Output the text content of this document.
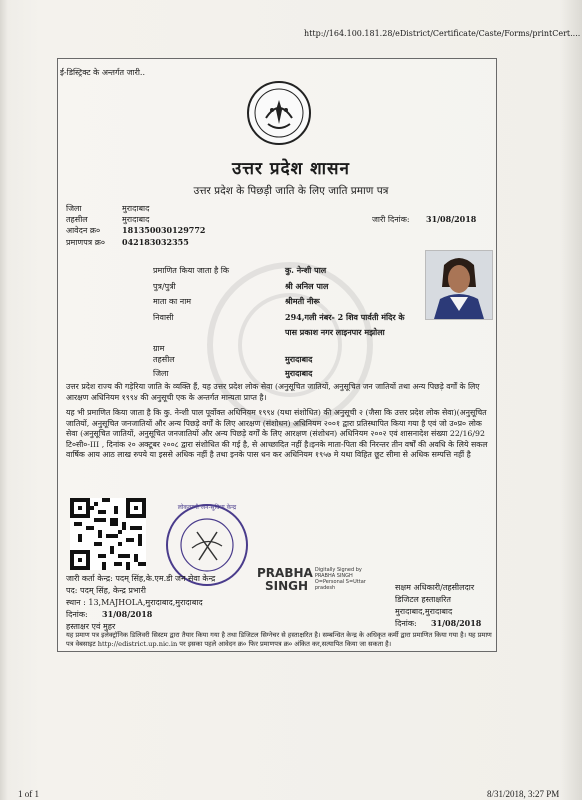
http://164.100.181.28/eDistrict/Certificate/Caste/Forms/printCert....
ई-डिस्ट्रिक्ट के अन्तर्गत जारी..
उत्तर प्रदेश शासन
उत्तर प्रदेश के पिछड़ी जाति के लिए जाति प्रमाण पत्र
जिला	मुरादाबाद
तहसील	मुरादाबाद
आवेदन क्र०	181350030129772
प्रमाणपत्र क्र० 042183032355
जारी दिनांक: 31/08/2018
प्रमाणित किया जाता है कि	कु. नेन्शी पाल
पुत्र/पुत्री	श्री अनिल पाल
माता का नाम	श्रीमती नीरू
निवासी	294,गली नंबर- 2 शिव पार्वती मंदिर के
पास प्रकाश नगर लाइनपार मझोला
ग्राम
तहसील	मुरादाबाद
जिला	मुरादाबाद
उत्तर प्रदेश राज्य की गड़ेरिया जाति के व्यक्ति हैं, यह उत्तर प्रदेश लोक सेवा (अनुसूचित जातियों, अनुसूचित जन जातियों तथा अन्य पिछड़े वर्गों के लिए आरक्षण अधिनियम १९९४ की अनुसूची एक के अन्तर्गत मान्यता प्राप्त है।
यह भी प्रमाणित किया जाता है कि कु. नेन्शी पाल पूर्वोक्त अधिनियम १९९४ (यथा संशोधित) की अनुसूची २ (जैसा कि उत्तर प्रदेश लोक सेवा)(अनुसूचित जातियों, अनुसूचित जनजातियों और अन्य पिछड़े वर्गों के लिए आरक्षण (संशोधन) अधिनियम २००१ द्वारा प्रतिस्थापित किया गया है एवं जो उ०प्र० लोक सेवा (अनुसूचित जातियों, अनुसूचित जनजातियों और अन्य पिछड़े वर्गों के लिए आरक्षण (संशोधन) अधिनियम २००२ एवं शासनादेश संख्या 22/16/92 टि०सी०-III , दिनांक २० अक्टूबर २००८ द्वारा संशोधित की गई है, से आच्छादित नहीं है।इनके माता-पिता की निरन्तर तीन वर्षों की अवधि के लिये सकल वार्षिक आय आठ लाख रुपये या इससे अधिक नहीं है तथा इनके पास धन कर अधिनियम १९५७ मे यथा विहित छूट सीमा से अधिक सम्पत्ति नहीं है
लोकवाणी जन-सुविधा केन्द्र
PRABHA
SINGH
Digitally Signed by
PRABHA SINGH
O=Personal S=Uttar
pradesh
जारी कर्ता केन्द्र: पदम् सिंह,के.एम.डी जन सेवा केन्द्र
पद: पदम् सिंह, केन्द्र प्रभारी
स्थान : 13,MAJHOLA,मुरादाबाद,मुरादाबाद
दिनांक: 31/08/2018
हस्ताक्षर एवं मुहर
सक्षम अधिकारी/तहसीलदार
डिजिटल हस्ताक्षरित
मुरादाबाद,मुरादाबाद
दिनांक: 31/08/2018
यह प्रमाण पत्र इलेक्ट्रॉनिक डिलिवरी सिस्टम द्वारा तैयार किया गया है तथा डिजिटल सिग्नेचर से हस्ताक्षरित है। सम्बन्धित केन्द्र के अधिकृत कर्मी द्वारा प्रमाणित किया गया है। यह प्रमाण पत्र वेबसाइट http://edistrict.up.nic.in पर इसका पहले आवेदन क्र० फिर प्रमाणपत्र क्र० अंकित कर,सत्यापित किया जा सकता है।
1 of 1	8/31/2018, 3:27 PM
